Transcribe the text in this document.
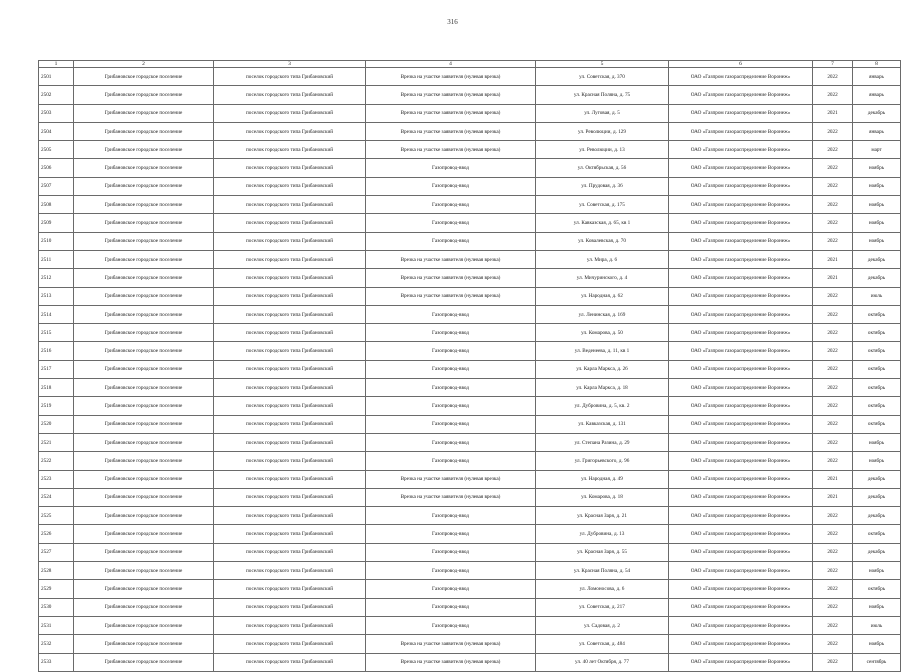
316
1	2	3	4	5	6	7	8
2501	Грибановское городское поселение	поселок городского типа Грибановский	Врезка на участке заявителя (нулевая врезка)	ул. Советская, д. 370	ОАО «Газпром газораспределение Воронеж»	2022	январь
2502	Грибановское городское поселение	поселок городского типа Грибановский	Врезка на участке заявителя (нулевая врезка)	ул. Красная Поляна, д. 75	ОАО «Газпром газораспределение Воронеж»	2022	январь
2503	Грибановское городское поселение	поселок городского типа Грибановский	Врезка на участке заявителя (нулевая врезка)	ул. Луговая, д. 5	ОАО «Газпром газораспределение Воронеж»	2021	декабрь
2504	Грибановское городское поселение	поселок городского типа Грибановский	Врезка на участке заявителя (нулевая врезка)	ул. Революции, д. 129	ОАО «Газпром газораспределение Воронеж»	2022	январь
2505	Грибановское городское поселение	поселок городского типа Грибановский	Врезка на участке заявителя (нулевая врезка)	ул. Революции, д. 13	ОАО «Газпром газораспределение Воронеж»	2022	март
2506	Грибановское городское поселение	поселок городского типа Грибановский	Газопровод-ввод	ул. Октябрьская, д. 56	ОАО «Газпром газораспределение Воронеж»	2022	ноябрь
2507	Грибановское городское поселение	поселок городского типа Грибановский	Газопровод-ввод	ул. Прудовая, д. 36	ОАО «Газпром газораспределение Воронеж»	2022	ноябрь
2508	Грибановское городское поселение	поселок городского типа Грибановский	Газопровод-ввод	ул. Советская, д. 175	ОАО «Газпром газораспределение Воронеж»	2022	ноябрь
2509	Грибановское городское поселение	поселок городского типа Грибановский	Газопровод-ввод	ул. Кавказская, д. 65, кв 1	ОАО «Газпром газораспределение Воронеж»	2022	ноябрь
2510	Грибановское городское поселение	поселок городского типа Грибановский	Газопровод-ввод	ул. Ковалевская, д. 70	ОАО «Газпром газораспределение Воронеж»	2022	ноябрь
2511	Грибановское городское поселение	поселок городского типа Грибановский	Врезка на участке заявителя (нулевая врезка)	ул. Мира, д. 6	ОАО «Газпром газораспределение Воронеж»	2021	декабрь
2512	Грибановское городское поселение	поселок городского типа Грибановский	Врезка на участке заявителя (нулевая врезка)	ул. Мичуринского, д. 4	ОАО «Газпром газораспределение Воронеж»	2021	декабрь
2513	Грибановское городское поселение	поселок городского типа Грибановский	Врезка на участке заявителя (нулевая врезка)	ул. Народная, д. 62	ОАО «Газпром газораспределение Воронеж»	2022	июль
2514	Грибановское городское поселение	поселок городского типа Грибановский	Газопровод-ввод	ул. Ленинская, д. 169	ОАО «Газпром газораспределение Воронеж»	2022	октябрь
2515	Грибановское городское поселение	поселок городского типа Грибановский	Газопровод-ввод	ул. Комарова, д. 50	ОАО «Газпром газораспределение Воронеж»	2022	октябрь
2516	Грибановское городское поселение	поселок городского типа Грибановский	Газопровод-ввод	ул. Веденеева, д. 11, кв 1	ОАО «Газпром газораспределение Воронеж»	2022	октябрь
2517	Грибановское городское поселение	поселок городского типа Грибановский	Газопровод-ввод	ул. Карла Маркса, д. 26	ОАО «Газпром газораспределение Воронеж»	2022	октябрь
2518	Грибановское городское поселение	поселок городского типа Грибановский	Газопровод-ввод	ул. Карла Маркса, д. 18	ОАО «Газпром газораспределение Воронеж»	2022	октябрь
2519	Грибановское городское поселение	поселок городского типа Грибановский	Газопровод-ввод	ул. Дубровина, д. 5, кв. 2	ОАО «Газпром газораспределение Воронеж»	2022	октябрь
2520	Грибановское городское поселение	поселок городского типа Грибановский	Газопровод-ввод	ул. Кавказская, д. 131	ОАО «Газпром газораспределение Воронеж»	2022	октябрь
2521	Грибановское городское поселение	поселок городского типа Грибановский	Газопровод-ввод	ул. Степана Разина, д. 29	ОАО «Газпром газораспределение Воронеж»	2022	ноябрь
2522	Грибановское городское поселение	поселок городского типа Грибановский	Газопровод-ввод	ул. Григорьевского, д. 96	ОАО «Газпром газораспределение Воронеж»	2022	ноябрь
2523	Грибановское городское поселение	поселок городского типа Грибановский	Врезка на участке заявителя (нулевая врезка)	ул. Народная, д. 49	ОАО «Газпром газораспределение Воронеж»	2021	декабрь
2524	Грибановское городское поселение	поселок городского типа Грибановский	Врезка на участке заявителя (нулевая врезка)	ул. Комарова, д. 18	ОАО «Газпром газораспределение Воронеж»	2021	декабрь
2525	Грибановское городское поселение	поселок городского типа Грибановский	Газопровод-ввод	ул. Красная Заря, д. 21	ОАО «Газпром газораспределение Воронеж»	2022	декабрь
2526	Грибановское городское поселение	поселок городского типа Грибановский	Газопровод-ввод	ул. Дубровина, д. 13	ОАО «Газпром газораспределение Воронеж»	2022	октябрь
2527	Грибановское городское поселение	поселок городского типа Грибановский	Газопровод-ввод	ул. Красная Заря, д. 55	ОАО «Газпром газораспределение Воронеж»	2022	декабрь
2528	Грибановское городское поселение	поселок городского типа Грибановский	Газопровод-ввод	ул. Красная Поляна, д. 54	ОАО «Газпром газораспределение Воронеж»	2022	ноябрь
2529	Грибановское городское поселение	поселок городского типа Грибановский	Газопровод-ввод	ул. Ломоносова, д. 6	ОАО «Газпром газораспределение Воронеж»	2022	октябрь
2530	Грибановское городское поселение	поселок городского типа Грибановский	Газопровод-ввод	ул. Советская, д. 217	ОАО «Газпром газораспределение Воронеж»	2022	ноябрь
2531	Грибановское городское поселение	поселок городского типа Грибановский	Газопровод-ввод	ул. Садовая, д. 2	ОАО «Газпром газораспределение Воронеж»	2022	июль
2532	Грибановское городское поселение	поселок городского типа Грибановский	Врезка на участке заявителя (нулевая врезка)	ул. Советская, д. 484	ОАО «Газпром газораспределение Воронеж»	2022	ноябрь
2533	Грибановское городское поселение	поселок городского типа Грибановский	Врезка на участке заявителя (нулевая врезка)	ул. 40 лет Октября, д. 77	ОАО «Газпром газораспределение Воронеж»	2022	сентябрь
